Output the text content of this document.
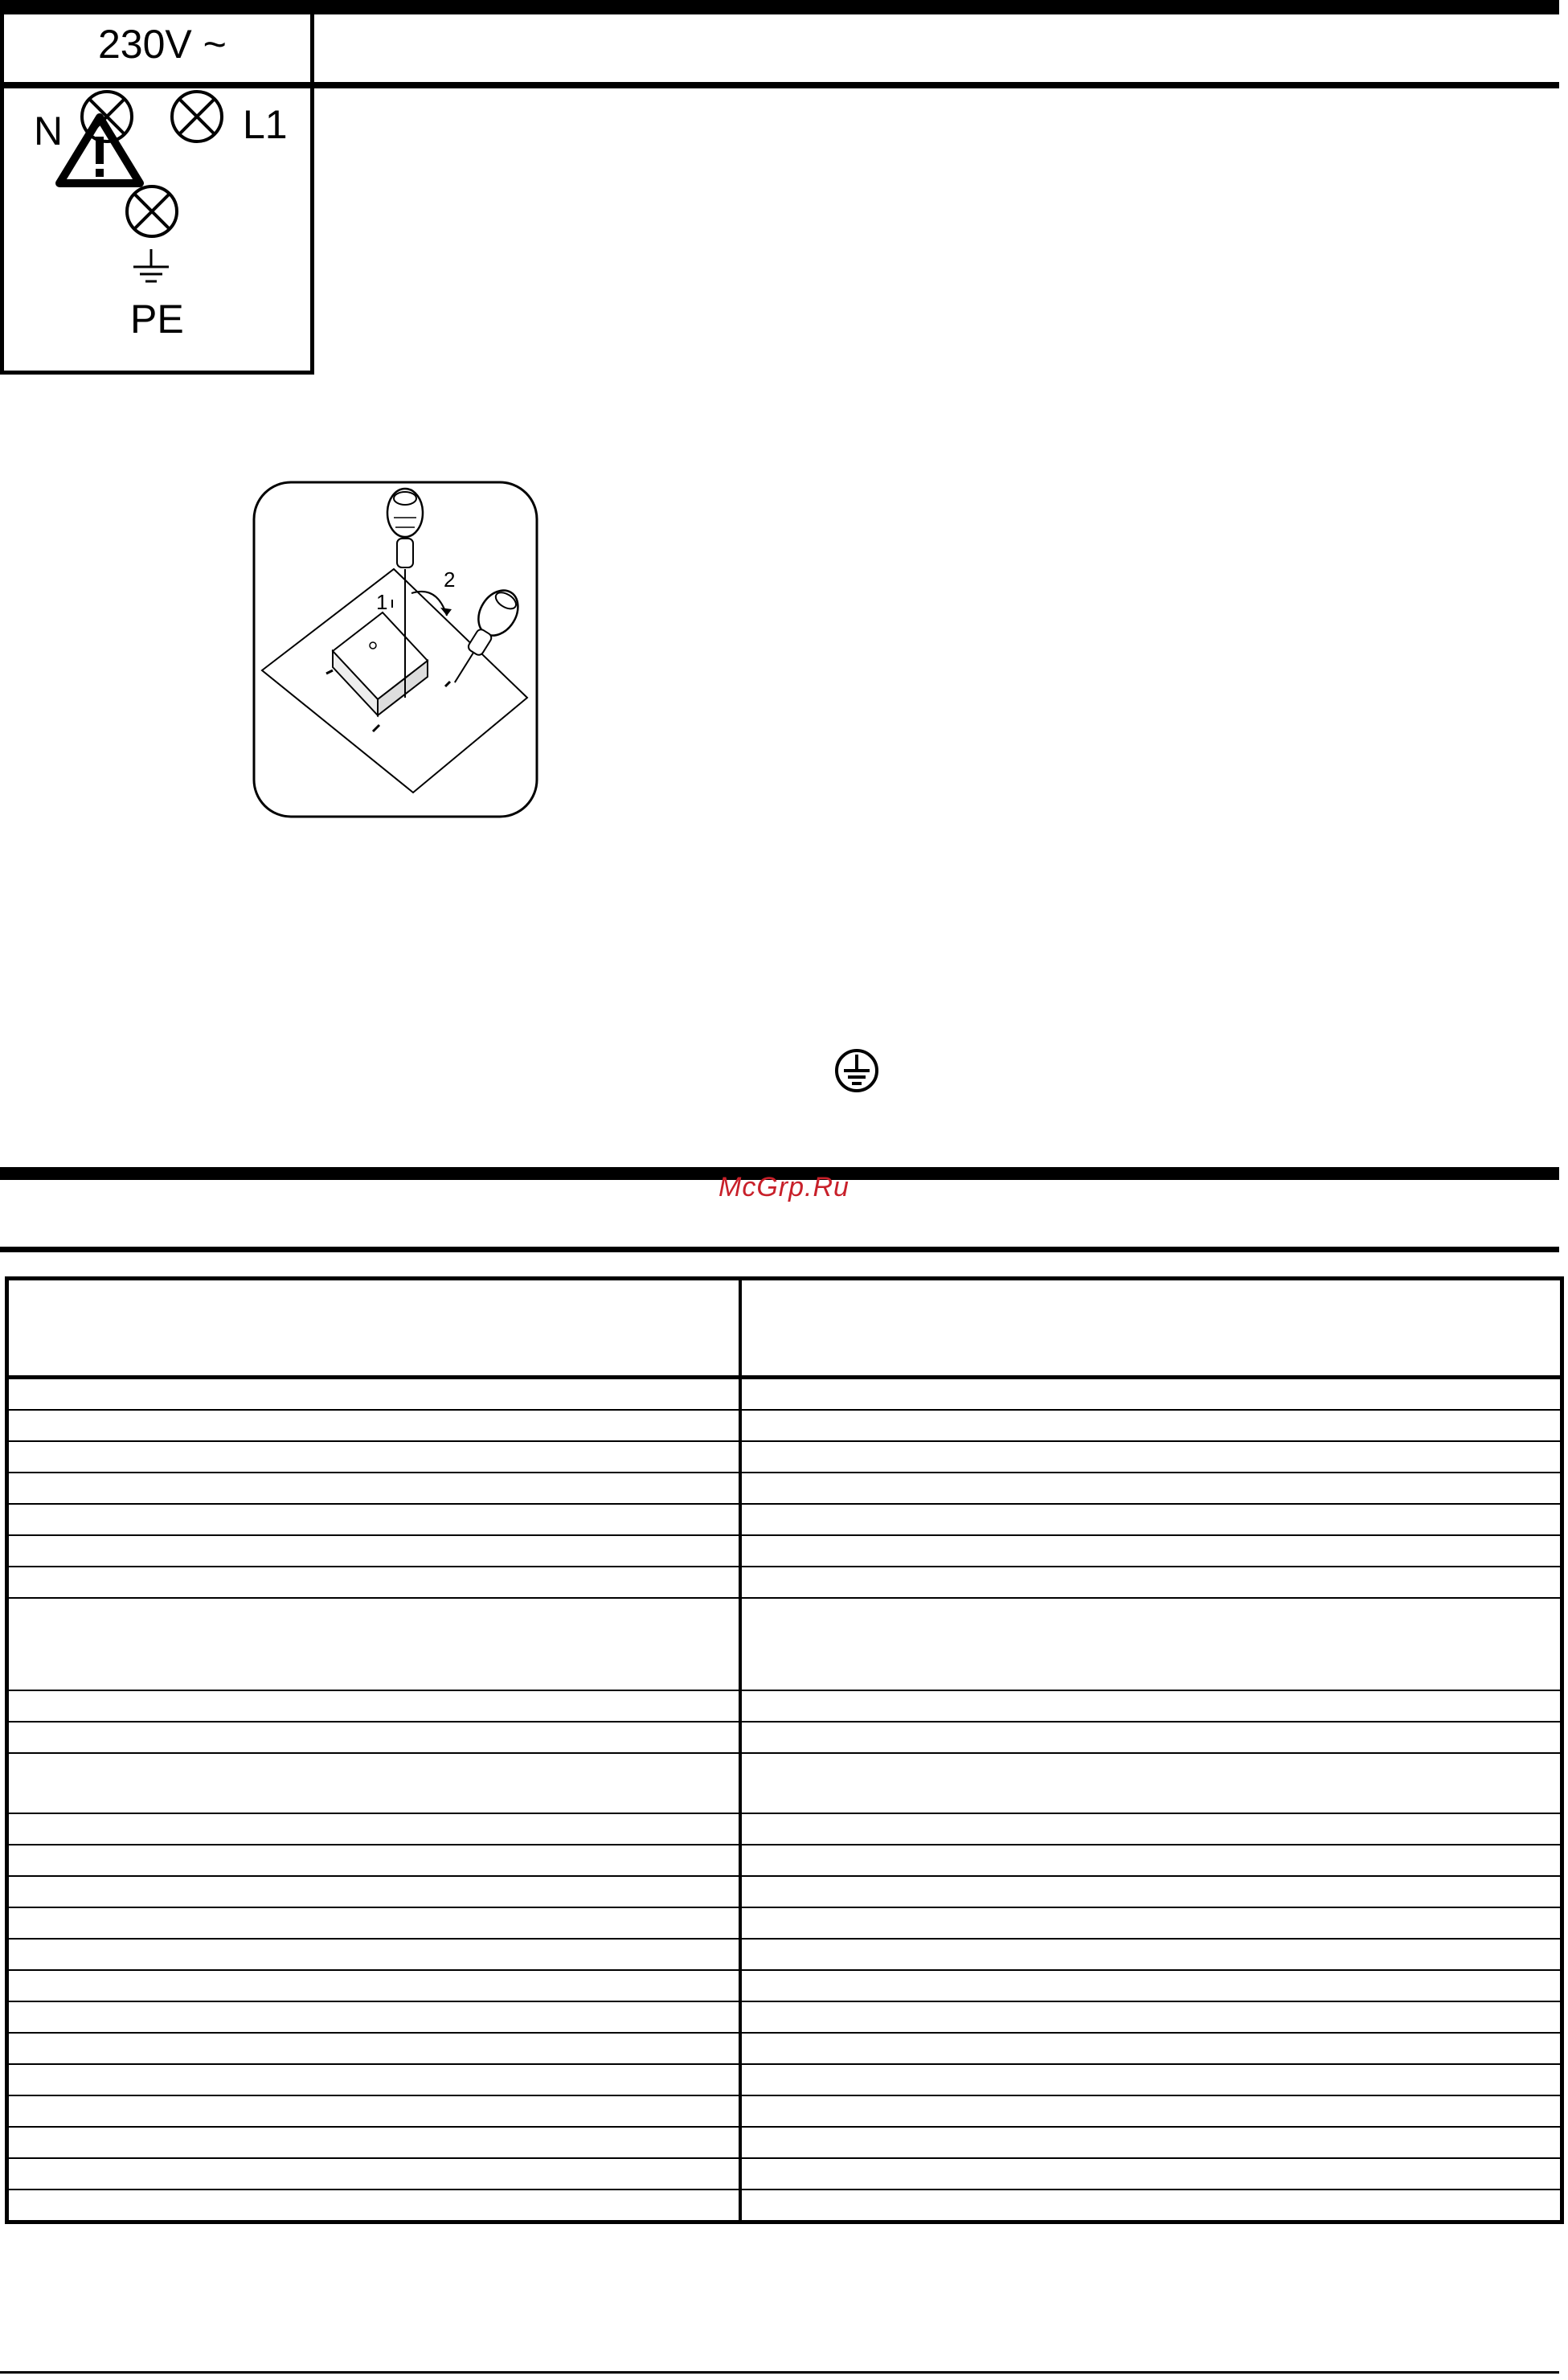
1
2
230V ~
N	L1
PE
McGrp.Ru
